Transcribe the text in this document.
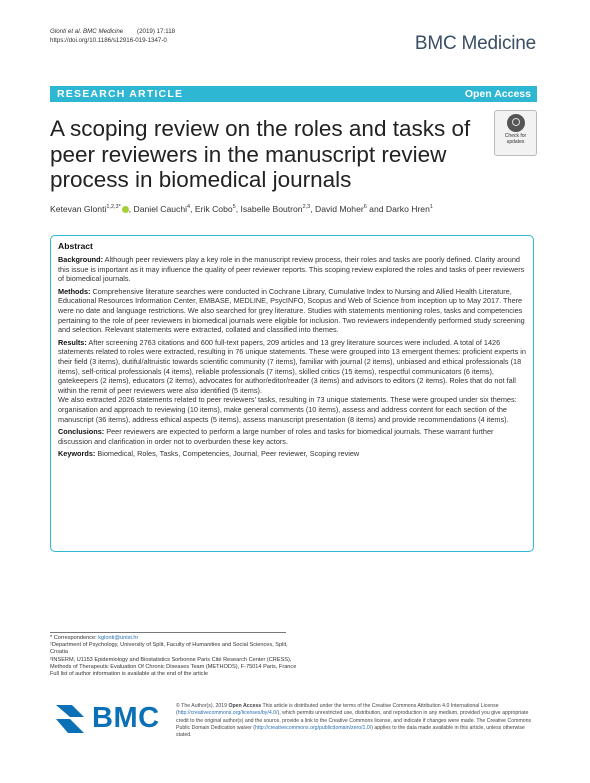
Glonti et al. BMC Medicine        (2019) 17:118
https://doi.org/10.1186/s12916-019-1347-0	BMC Medicine
RESEARCH ARTICLE	Open Access
A scoping review on the roles and tasks of peer reviewers in the manuscript review process in biomedical journals
Check for
updates
Ketevan Glonti$^{1,2,3*}$ , Daniel Cauchi$^4$, Erik Cobo$^5$, Isabelle Boutron$^{2,3}$, David Moher$^6$ and Darko Hren$^1$
Abstract

Background: Although peer reviewers play a key role in the manuscript review process, their roles and tasks are poorly defined. Clarity around this issue is important as it may influence the quality of peer reviewer reports. This scoping review explored the roles and tasks of peer reviewers of biomedical journals.

Methods: Comprehensive literature searches were conducted in Cochrane Library, Cumulative Index to Nursing and Allied Health Literature, Educational Resources Information Center, EMBASE, MEDLINE, PsycINFO, Scopus and Web of Science from inception up to May 2017. There were no date and language restrictions. We also searched for grey literature. Studies with statements mentioning roles, tasks and competencies pertaining to the role of peer reviewers in biomedical journals were eligible for inclusion. Two reviewers independently performed study screening and selection. Relevant statements were extracted, collated and classified into themes.

Results: After screening 2763 citations and 600 full-text papers, 209 articles and 13 grey literature sources were included. A total of 1426 statements related to roles were extracted, resulting in 76 unique statements. These were grouped into 13 emergent themes: proficient experts in their field (3 items), dutiful/altruistic towards scientific community (7 items), familiar with journal (2 items), unbiased and ethical professionals (18 items), self-critical professionals (4 items), reliable professionals (7 items), skilled critics (15 items), respectful communicators (6 items), gatekeepers (2 items), educators (2 items), advocates for author/editor/reader (3 items) and advisors to editors (2 items). Roles that do not fall within the remit of peer reviewers were also identified (5 items).

We also extracted 2026 statements related to peer reviewers' tasks, resulting in 73 unique statements. These were grouped under six themes: organisation and approach to reviewing (10 items), make general comments (10 items), assess and address content for each section of the manuscript (36 items), address ethical aspects (5 items), assess manuscript presentation (8 items) and provide recommendations (4 items).

Conclusions: Peer reviewers are expected to perform a large number of roles and tasks for biomedical journals. These warrant further discussion and clarification in order not to overburden these key actors.

Keywords: Biomedical, Roles, Tasks, Competencies, Journal, Peer reviewer, Scoping review

* Correspondence: kglonti@unist.hr

¹Department of Psychology, University of Split, Faculty of Humanities and Social Sciences, Split, Croatia

²INSERM, U1153 Epidemiology and Biostatistics Sorbonne Paris Cité Research Center (CRESS), Methods of Therapeutic Evaluation Of Chronic Diseases Team (METHODS), F-75014 Paris, France

Full list of author information is available at the end of the article

BMC	© The Author(s). 2019 Open Access This article is distributed under the terms of the Creative Commons Attribution 4.0 International License (http://creativecommons.org/licenses/by/4.0/), which permits unrestricted use, distribution, and reproduction in any medium, provided you give appropriate credit to the original author(s) and the source, provide a link to the Creative Commons license, and indicate if changes were made. The Creative Commons Public Domain Dedication waiver (http://creativecommons.org/publicdomain/zero/1.0/) applies to the data made available in this article, unless otherwise stated.
